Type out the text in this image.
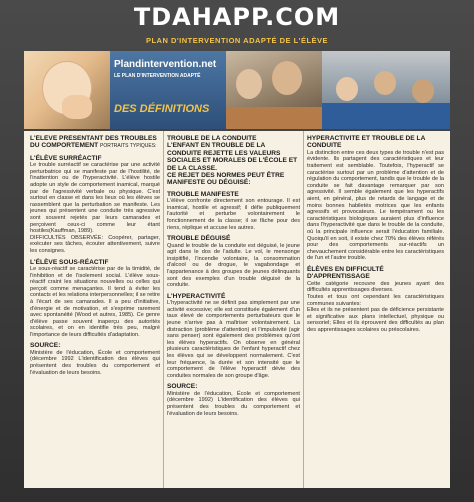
TDAHAPP.COM
PLAN D'INTERVENTION ADAPTÉ DE L'ÉLÈVE
Plandintervention.net
LE PLAN D'INTERVENTION ADAPTÉ
DES DÉFINITIONS
L'ÉLÈVE PRÉSENTANT DES TROUBLES DU COMPORTEMENT PORTRAITS TYPIQUES:
L'ÉLÈVE SURRÉACTIF

Le trouble surréactif se caractérise par une activité perturbatrice qui se manifeste par de l'hostilité, de l'inattention ou de l'hyperactivité. L'élève hostile adopte un style de comportement inamical, marqué par de l'agressivité verbale ou physique. C'est surtout en classe et dans les lieux où les élèves se rassemblent que la perturbation se manifeste. Les jeunes qui présentent une conduite très agressive sont souvent rejetés par leurs camarades et perçoivent ceux-ci comme leur étant hostiles(Kauffman, 1989).

DIFFICULTÉS OBSERVÉE: Coopérer, partager, exécuter ses tâches, écouter attentivement, suivre les consignes.

L'ÉLÈVE SOUS-RÉACTIF

Le sous-réactif se caractérise par de la timidité, de l'inhibition et de l'isolement social. L'élève sous-réactif craint les situations nouvelles ou celles qui perçoit comme menaçantes. Il tend à éviter les contacts et les relations interpersonnelles; il se retire à l'écart de ses camarades. Il a peu d'initiative, d'énergie et de motivation, et s'exprime rarement avec spontanéité (Wood et autres, 1985). Ce genre d'élève passe souvent inaperçu des autorités scolaires, et on en identifie très peu, malgré l'importance de leurs difficultés d'adaptation.

SOURCE:

Ministère de l'éducation, École et comportement (décembre 1992 L'identification des élèves qui présentent des troubles du comportement et l'évaluation de leurs besoins.

TROUBLE DE LA CONDUITE
L'ENFANT EN TROUBLE DE LA CONDUITE REJETTE LES VALEURS SOCIALES ET MORALES DE L'ÉCOLE ET DE LA CLASSE.
CE REJET DES NORMES PEUT ÊTRE MANIFESTE OU DÉGUISÉ:
TROUBLE MANIFESTE

L'élève confronte directement son entourage. Il est inamical, hostile et agressif; il défie publiquement l'autorité et perturbe volontairement le fonctionnement de la classe; il se fâche pour des riens, réplique et accuse les autres.

TROUBLE DÉGUISÉ

Quand le trouble de la conduite est déguisé, le jeune agit dans le dos de l'adulte. Le vol, le mensonge insipitifié, l'incendie volontaire, la consommation d'alcool ou de drogue, le vagabondage et l'appartenance à des groupes de jeunes délinquants sont des exemples d'un trouble déguisé de la conduite.

L'HYPERACTIVITÉ

L'hyperactivité ne se définit pas simplement par une activité excessive; elle est constituée également d'un taux élevé de comportements perturbateurs que le jeune n'arrive pas à maîtriser volontairement. La distraction (problème d'attention) et l'impulsivité (agir sans penser) sont également des problèmes qu'ont les élèves hyperactifs. On observe en général plusieurs caractéristiques de l'enfant hyperactif chez les élèves qui se développent normalement. C'est leur fréquence, la durée et son intensité que le comportement de l'élève hyperactif dévie des conduites normales de son groupe d'âge.

SOURCE:

Ministère de l'éducation, École et comportement (décembre 1992) L'identification des élèves qui présentent des troubles du comportement et l'évaluation de leurs besoins.

HYPERACTIVITÉ ET TROUBLE DE LA CONDUITE

La distinction entre ces deux types de trouble n'est pas évidente. Ils partagent des caractéristiques et leur traitement est semblable. Toutefois, l'hyperactif se caractérise surtout par un problème d'attention et de régulation du comportement, tandis que le trouble de la conduite se fait davantage remarquer par son agressivité. Il semble également que les hyperactifs aient, en général, plus de retards de langage et de moins bonnes habiletés motrices que les enfants agressifs et provocateurs. Le tempérament ou les caractéristiques biologiques auraient plus d'influence dans l'hyperactivité que dans le trouble de la conduite, où la principale influence serait l'éducation familiale. Quoiqu'il en soit, il existe chez 70% des élèves référés pour des comportements sur-réactifs un chevauchement considérable entre les caractéristiques de l'un et l'autre trouble.

ÉLÈVES EN DIFFICULTÉ D'APPRENTISSAGE

Cette catégorie recouvre des jeunes ayant des difficultés apprentissages diverses.

Toutes et tous ont cependant les caractéristiques communes suivantes:

Elles et ils ne présentent pas de déficience persistante et significative aux plans intellectuel, physique ou sensoriel; Elles et ils éprouvent des difficultés au plan des apprentissages scolaires ou préscolaires.
